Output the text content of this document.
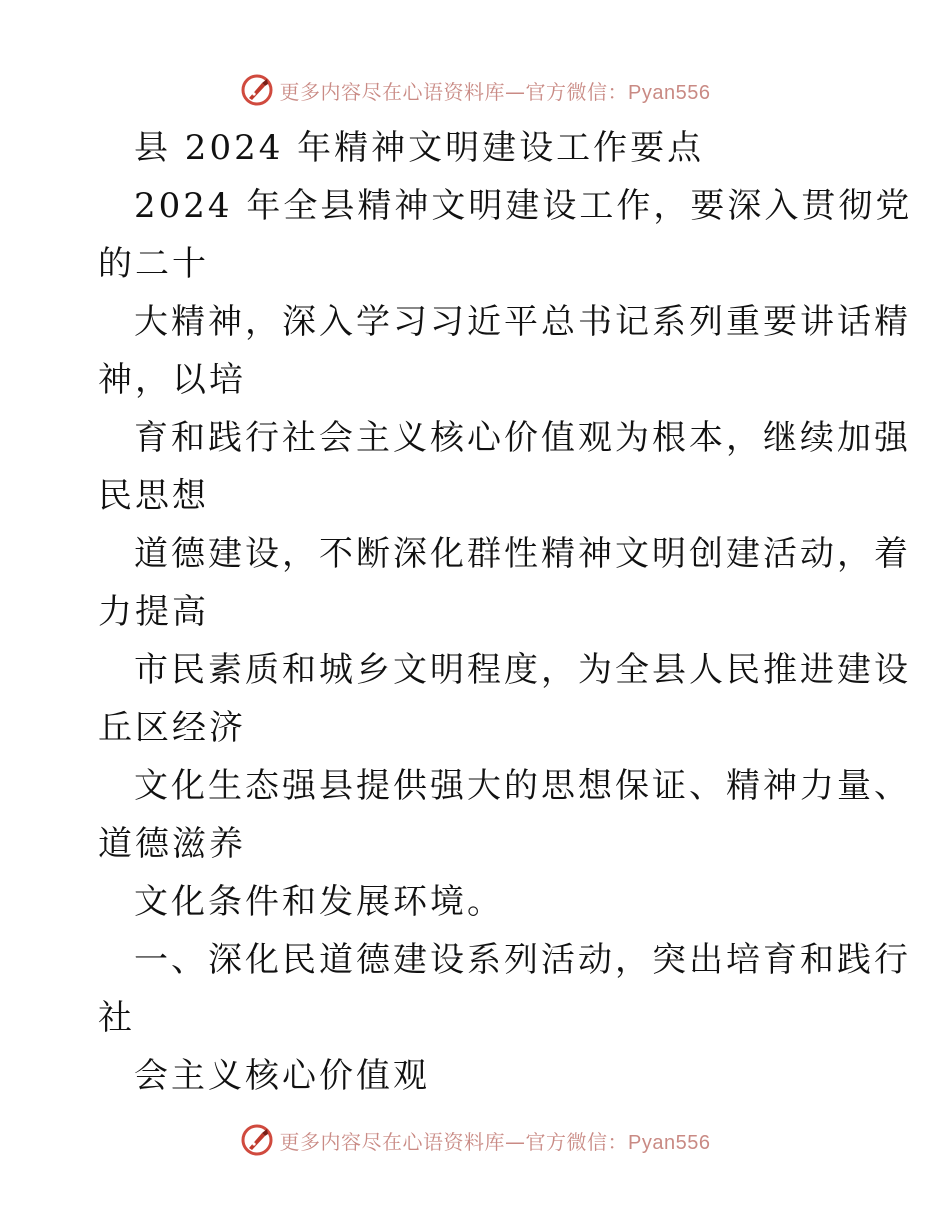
更多内容尽在心语资料库—官方微信：Pyan556
县 2024 年精神文明建设工作要点
2024 年全县精神文明建设工作，要深入贯彻党
的二十
大精神，深入学习习近平总书记系列重要讲话精
神，以培
育和践行社会主义核心价值观为根本，继续加强
民思想
道德建设，不断深化群性精神文明创建活动，着
力提高
市民素质和城乡文明程度，为全县人民推进建设
丘区经济
文化生态强县提供强大的思想保证、精神力量、
道德滋养
文化条件和发展环境。
一、深化民道德建设系列活动，突出培育和践行
社
会主义核心价值观
更多内容尽在心语资料库—官方微信：Pyan556
